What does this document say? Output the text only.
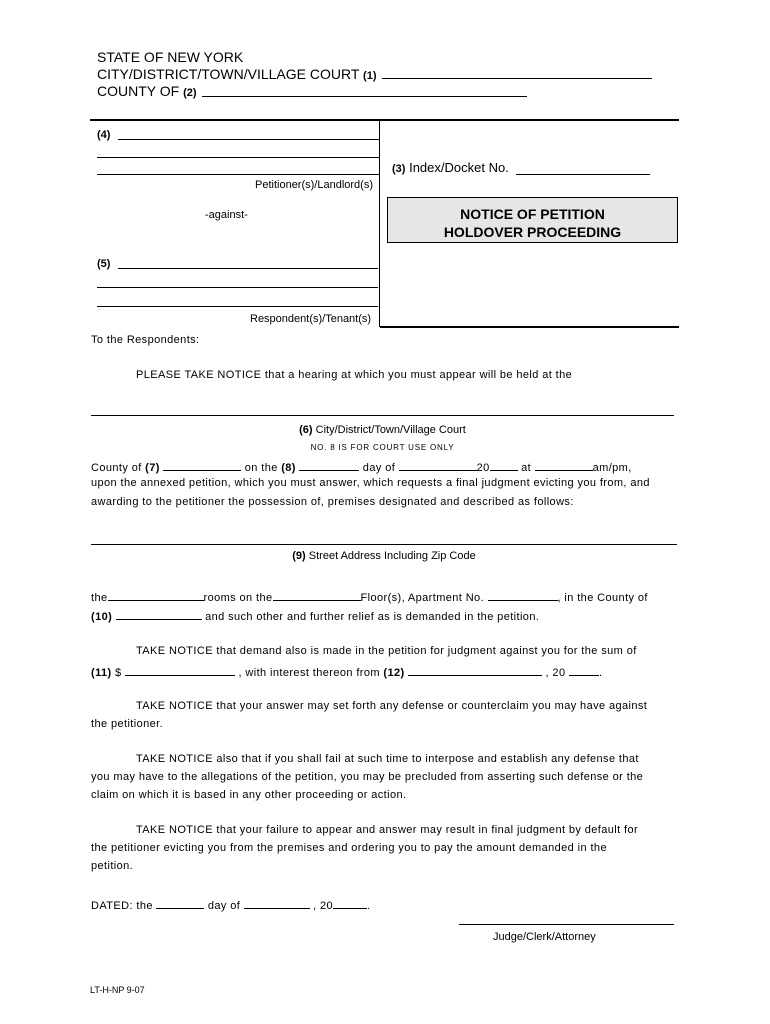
STATE OF NEW YORK
CITY/DISTRICT/TOWN/VILLAGE COURT (1)
COUNTY OF (2)
(4)
Petitioner(s)/Landlord(s)
(3) Index/Docket No.
-against-	NOTICE OF PETITION
HOLDOVER PROCEEDING
(5)
Respondent(s)/Tenant(s)
To the Respondents:
PLEASE TAKE NOTICE that a hearing at which you must appear will be held at the
(6) City/District/Town/Village Court
NO. 8 IS FOR COURT USE ONLY
County of (7)	on the (8)	day of	20	at	am/pm,
upon the annexed petition, which you must answer, which requests a final judgment evicting you from, and
awarding to the petitioner the possession of, premises designated and described as follows:
(9) Street Address Including Zip Code
the	rooms on the	Floor(s), Apartment No.	, in the County of
(10)	and such other and further relief as is demanded in the petition.
TAKE NOTICE that demand also is made in the petition for judgment against you for the sum of
(11) $	, with interest thereon from (12)	, 20	.
TAKE NOTICE that your answer may set forth any defense or counterclaim you may have against
the petitioner.
TAKE NOTICE also that if you shall fail at such time to interpose and establish any defense that
you may have to the allegations of the petition, you may be precluded from asserting such defense or the
claim on which it is based in any other proceeding or action.
TAKE NOTICE that your failure to appear and answer may result in final judgment by default for
the petitioner evicting you from the premises and ordering you to pay the amount demanded in the
petition.
DATED: the	day of	, 20	.
Judge/Clerk/Attorney
LT-H-NP 9-07
